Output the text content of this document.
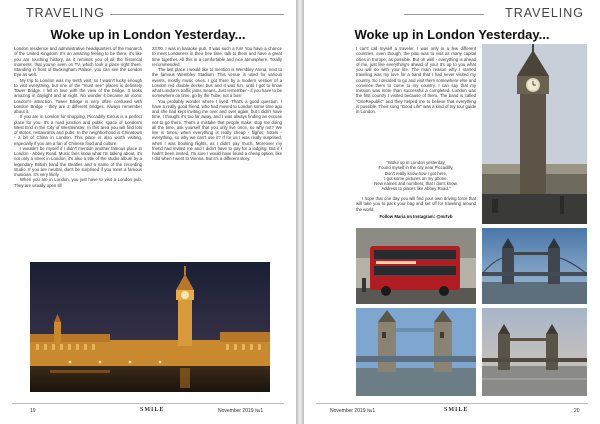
TRAVELING
Woke up in London Yesterday...

London residence and administrative headquarters of the monarch of the United Kingdom. It's an amazing feeling to be there, it's like you are touching history, as it reminds you of all the historical moments, that you've seen on TV, which took a place right there. Standing in front of Buckingham Palace, you can see the London Eye as well.

My trip to London was my tenth visit, so I wasn't lucky enough to visit everything, but one of the "must see" places is definitely Tower Bridge. I fell in love with the view of the bridge. It looks amazing in daylight and at night. No wonder it became an iconic London's attraction. Tower Bridge is very often confused with London Bridge - they are 2 different bridges. Always remember about it.

If you are in London for shopping, Piccadilly Circus is a perfect place for you. It's a road junction and public space of London's West End in the City of Westminster. In this area you will find lots of stores, restaurants and pubs. In the neighborhood is Chinatown - a bit of China in London. This place is also worth visiting, especially if you are a fan of Chinese food and culture.

I wouldn't be myself if I didn't mention another famous place in London - Abbey Road. Music fans know what I'm talking about, it's not only a street in London, it's also a title of the studio album by a legendary British band the Beatles and a name of the recording studio. If you are neutral, don't be surprised if you meet a famous musician. It's very likely.

When you are in London, you just have to visit a London pub. They are usually open till

23:00. I was in karaoke pub. It was such a fun! You have a chance to meet Londoners in their free time, talk to them and have a great time together. All this in a comfortable and nice atmosphere. Totally recommended.

The last place I would like to mention is Wembley Arena, next to the famous Wembley Stadium. This venue is used for various events, mostly music ones. I got there by a modern version of a London red double decker bus and it was fun, until I got to know what London's traffic jams means. Just remember - if you have to be somewhere on time, go by the Tube, not a bus!

You probably wonder where I lived. That's a good question. I have a really good friend, who had moved to London some time ago and she had kept inviting me over and over again, but I didn't have time, I thought it's too far away, and I was always finding an excuse not to go there. That's a mistake that people make: stop me doing all the time, ask yourself that you only live once, so why not? We live in times, when everything is really cheap - flights, hotels - everything, so why we can't use it? If for us I was really surprised, when I was booking flights, as I didn't pay much. Moreover my friend had invited me and I didn't have to pay for a lodging. But if I hadn't been invited, I'm sure I would have found a cheap option, like I did when I went to Vienna. But it's a different story.

19	SMILE	November 2019 №1
TRAVELING
Woke up in London Yesterday...

I can't call myself a traveler. I was only in a few different countries, even though, the plan was to visit as many capital cities in Europe, as possible. But oh well - everything is ahead of me, just like everything's ahead of you! It's up to you what you will do with your life. The main reason why I started traveling was my love for a band that I had never visited my country. So I decided to go and visit them somewhere else and convince them to come to my country. I can say that my mission was more than successful a completed. London was the first country I visited because of them. The band is called "OneRepublic" and they helped me to believe that everything is possible. Their song "Good Life" was a kind of my tour guide in London.

"Woke up in London yesterday,
Found myself in the city near Piccadilly,
Don't really know how I got here,
I got some pictures on my phone.
New names and numbers, that I don't know,
Address to places like Abbey Road."
I hope that one day you will find your own driving force that will take you to pack your bag and set off for traveling around the world.
Follow Maria on Instagram: @mrtvb
November 2019 №1	SMILE	20
